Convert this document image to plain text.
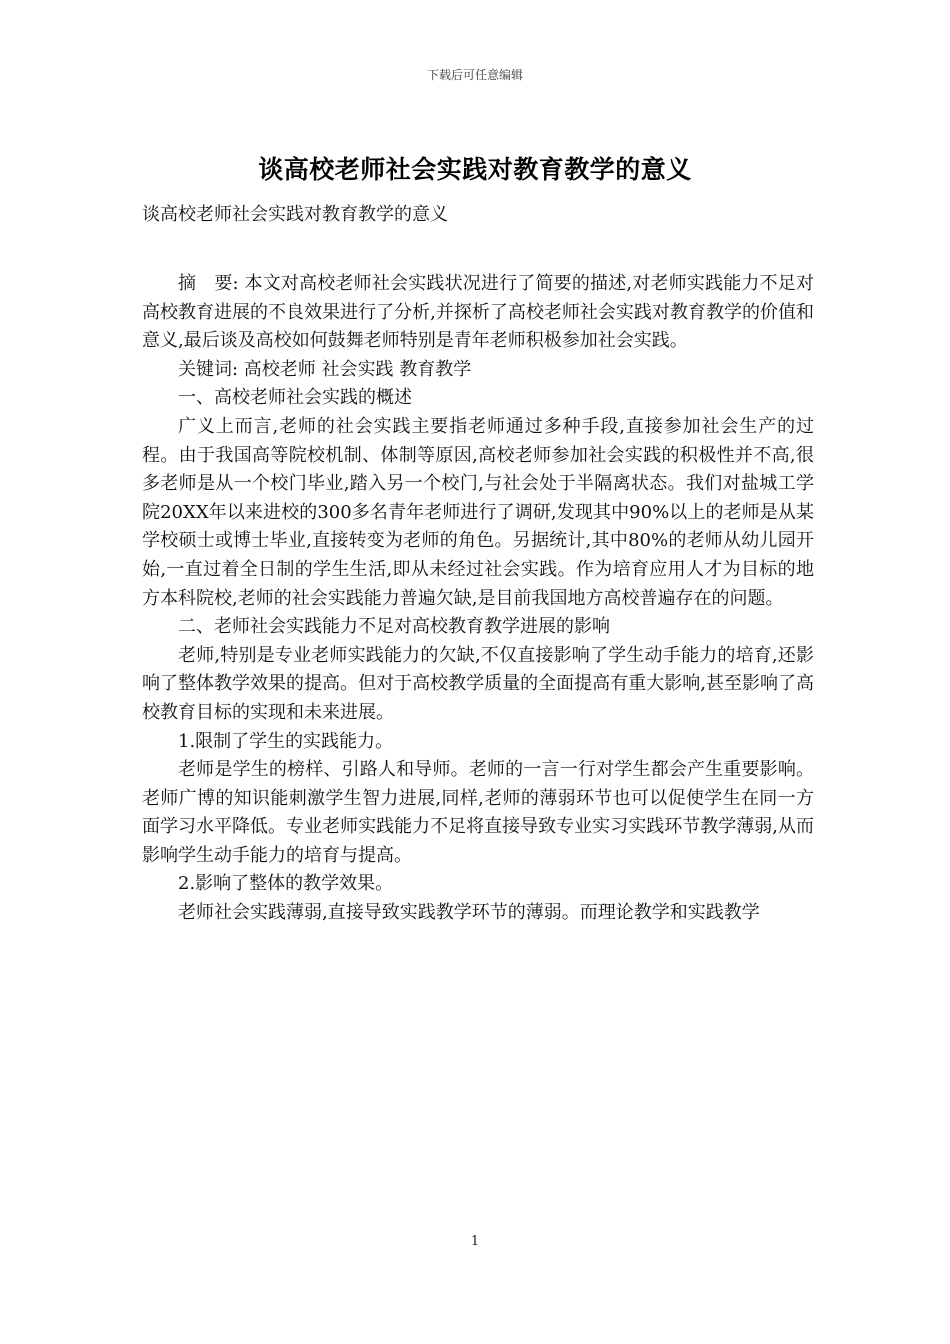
下载后可任意编辑
谈高校老师社会实践对教育教学的意义
谈高校老师社会实践对教育教学的意义

摘　要: 本文对高校老师社会实践状况进行了简要的描述,对老师实践能力不足对高校教育进展的不良效果进行了分析,并探析了高校老师社会实践对教育教学的价值和意义,最后谈及高校如何鼓舞老师特别是青年老师积极参加社会实践。

关键词: 高校老师 社会实践 教育教学

一、高校老师社会实践的概述

广义上而言,老师的社会实践主要指老师通过多种手段,直接参加社会生产的过程。由于我国高等院校机制、体制等原因,高校老师参加社会实践的积极性并不高,很多老师是从一个校门毕业,踏入另一个校门,与社会处于半隔离状态。我们对盐城工学院20XX年以来进校的300多名青年老师进行了调研,发现其中90%以上的老师是从某学校硕士或博士毕业,直接转变为老师的角色。另据统计,其中80%的老师从幼儿园开始,一直过着全日制的学生生活,即从未经过社会实践。作为培育应用人才为目标的地方本科院校,老师的社会实践能力普遍欠缺,是目前我国地方高校普遍存在的问题。

二、老师社会实践能力不足对高校教育教学进展的影响

老师,特别是专业老师实践能力的欠缺,不仅直接影响了学生动手能力的培育,还影响了整体教学效果的提高。但对于高校教学质量的全面提高有重大影响,甚至影响了高校教育目标的实现和未来进展。

1.限制了学生的实践能力。

老师是学生的榜样、引路人和导师。老师的一言一行对学生都会产生重要影响。老师广博的知识能刺激学生智力进展,同样,老师的薄弱环节也可以促使学生在同一方面学习水平降低。专业老师实践能力不足将直接导致专业实习实践环节教学薄弱,从而影响学生动手能力的培育与提高。

2.影响了整体的教学效果。

老师社会实践薄弱,直接导致实践教学环节的薄弱。而理论教学和实践教学

1
